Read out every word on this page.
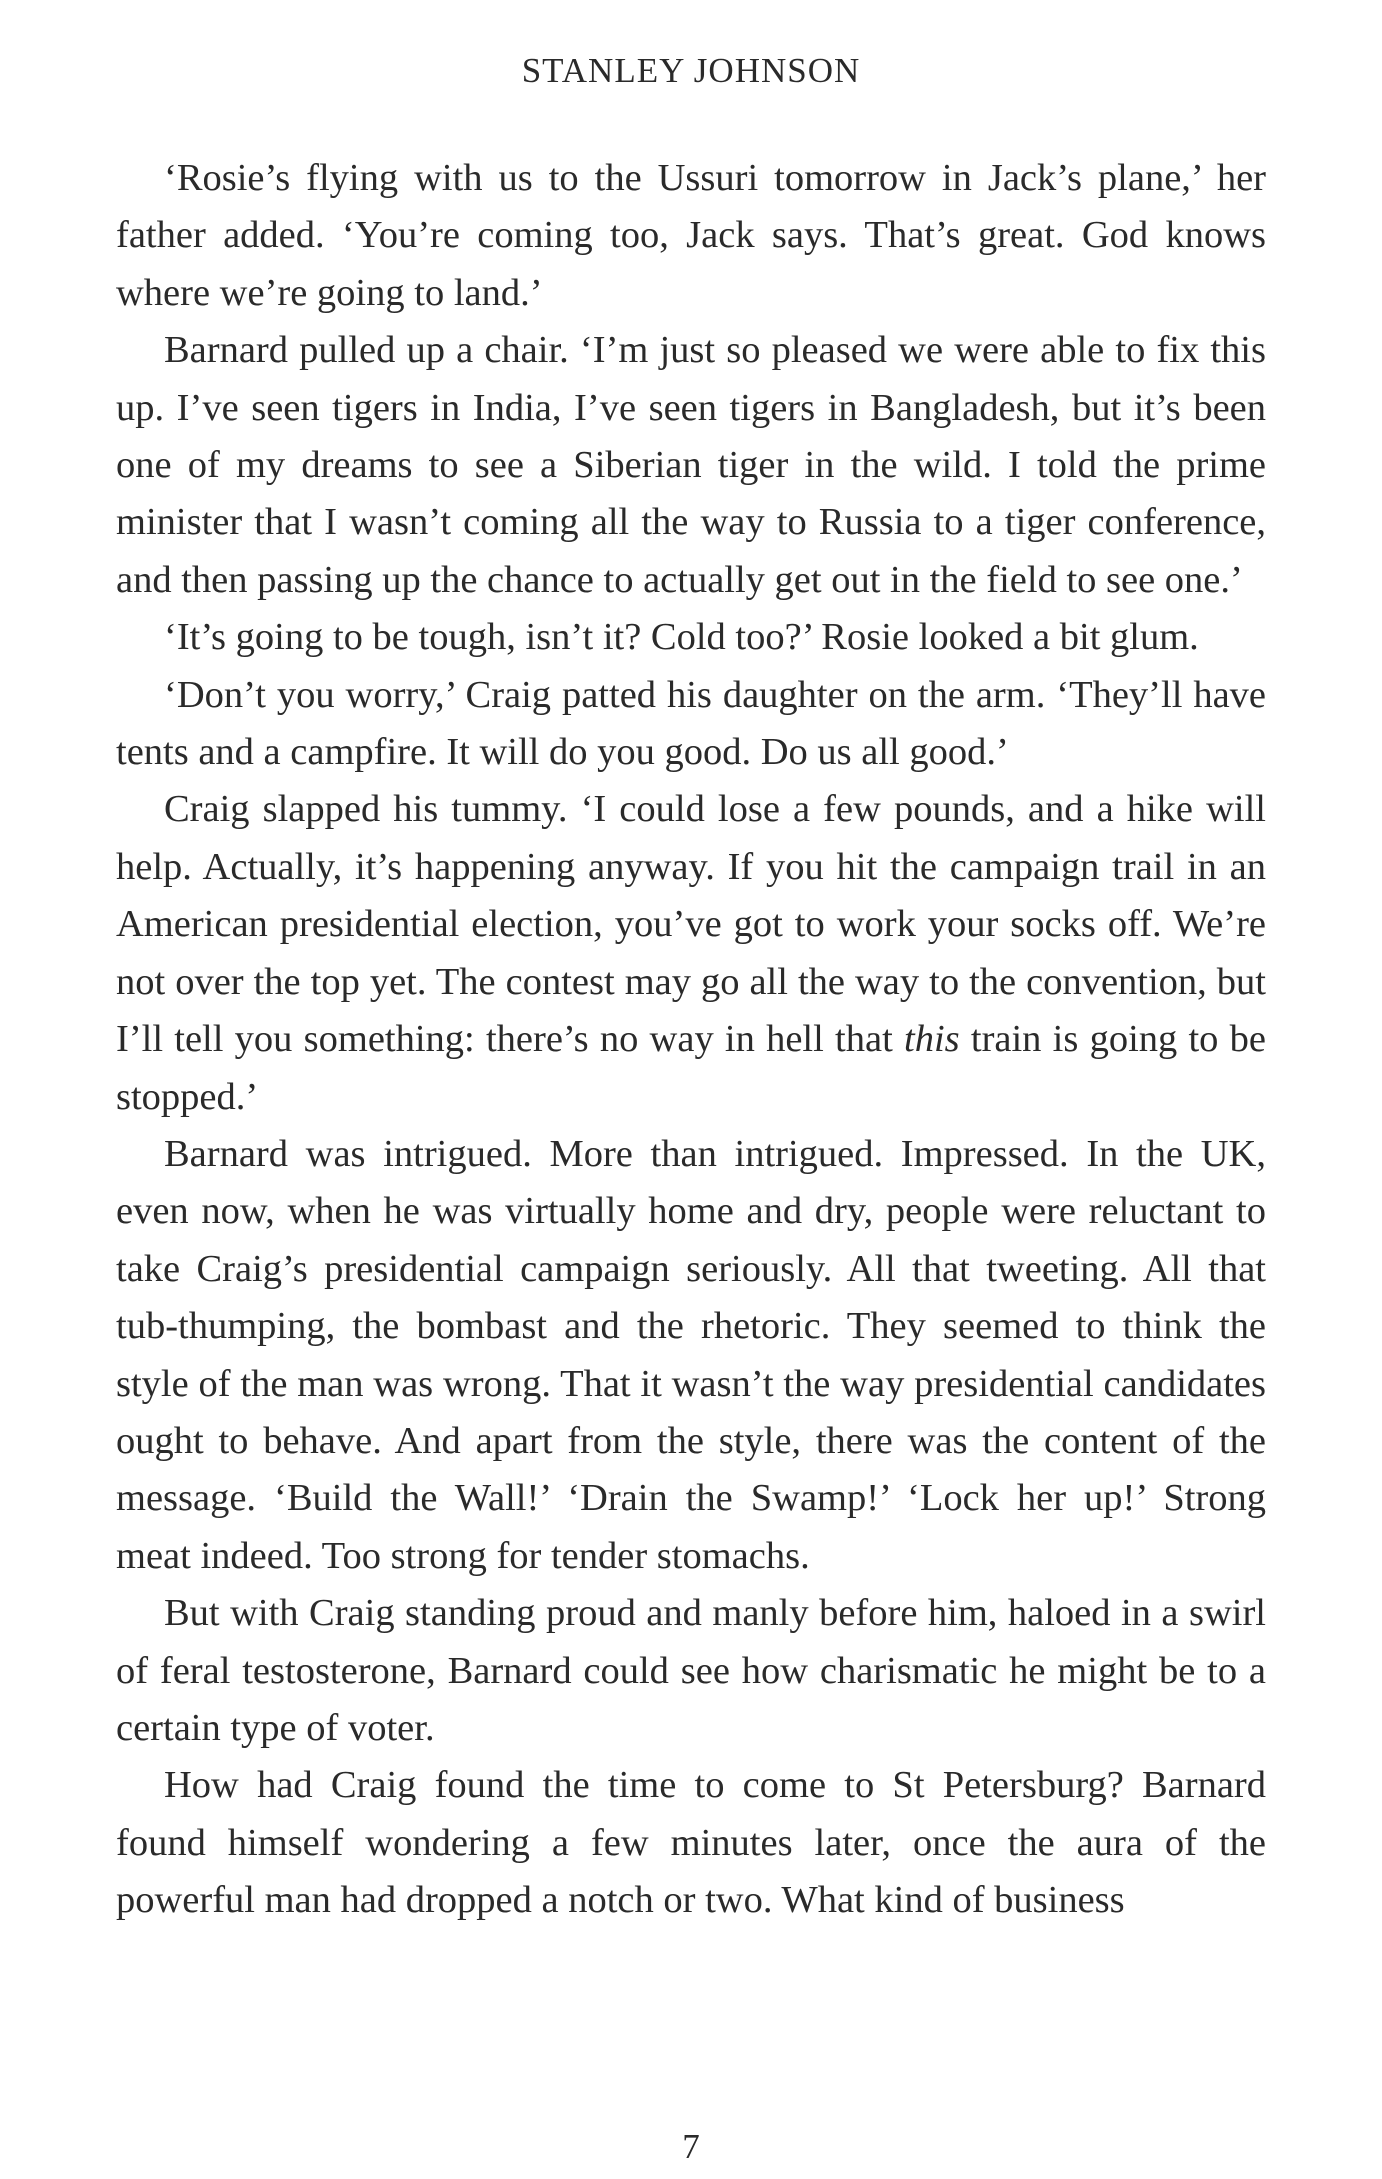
STANLEY JOHNSON

‘Rosie’s flying with us to the Ussuri tomorrow in Jack’s plane,’ her father added. ‘You’re coming too, Jack says. That’s great. God knows where we’re going to land.’

Barnard pulled up a chair. ‘I’m just so pleased we were able to fix this up. I’ve seen tigers in India, I’ve seen tigers in Bangladesh, but it’s been one of my dreams to see a Siberian tiger in the wild. I told the prime minister that I wasn’t coming all the way to Russia to a tiger conference, and then passing up the chance to actually get out in the field to see one.’

‘It’s going to be tough, isn’t it? Cold too?’ Rosie looked a bit glum.

‘Don’t you worry,’ Craig patted his daughter on the arm. ‘They’ll have tents and a campfire. It will do you good. Do us all good.’

Craig slapped his tummy. ‘I could lose a few pounds, and a hike will help. Actually, it’s happening anyway. If you hit the campaign trail in an American presidential election, you’ve got to work your socks off. We’re not over the top yet. The contest may go all the way to the convention, but I’ll tell you something: there’s no way in hell that this train is going to be stopped.’

Barnard was intrigued. More than intrigued. Impressed. In the UK, even now, when he was virtually home and dry, people were reluctant to take Craig’s presidential campaign seriously. All that tweeting. All that tub-thumping, the bombast and the rhetoric. They seemed to think the style of the man was wrong. That it wasn’t the way presidential candidates ought to behave. And apart from the style, there was the content of the message. ‘Build the Wall!’ ‘Drain the Swamp!’ ‘Lock her up!’ Strong meat indeed. Too strong for tender stomachs.

But with Craig standing proud and manly before him, haloed in a swirl of feral testosterone, Barnard could see how charismatic he might be to a certain type of voter.

How had Craig found the time to come to St Petersburg? Barnard found himself wondering a few minutes later, once the aura of the powerful man had dropped a notch or two. What kind of business

7
